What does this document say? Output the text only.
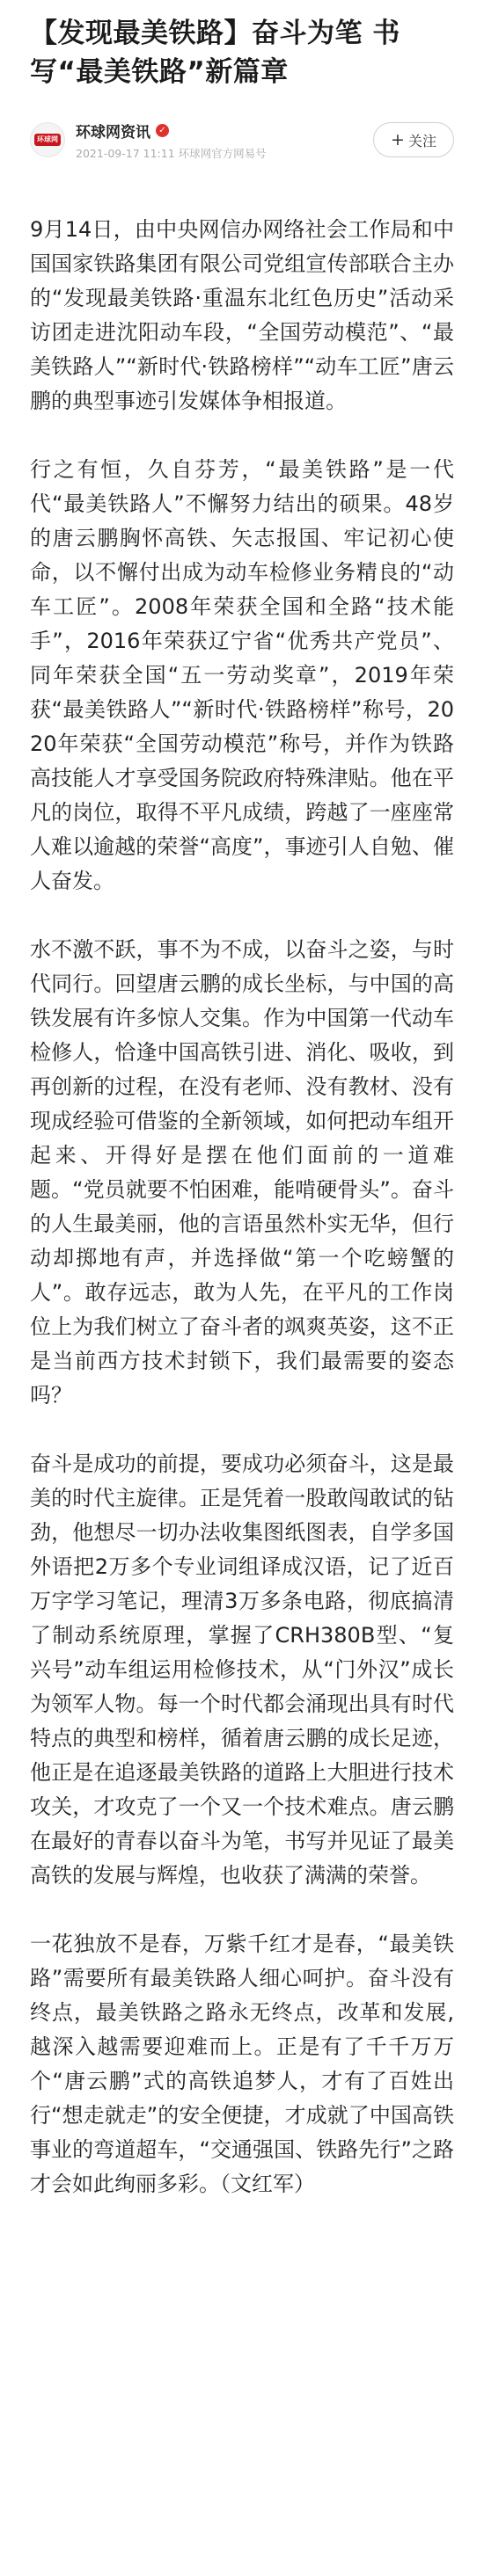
【发现最美铁路】奋斗为笔 书写“最美铁路”新篇章
环球网 环球网资讯 ✓
2021-09-17 11:11 环球网官方网易号
+ 关注

9月14日，由中央网信办网络社会工作局和中国国家铁路集团有限公司党组宣传部联合主办的“发现最美铁路·重温东北红色历史”活动采访团走进沈阳动车段，“全国劳动模范”、“最美铁路人”“新时代·铁路榜样”“动车工匠”唐云鹏的典型事迹引发媒体争相报道。

行之有恒，久自芬芳，“最美铁路”是一代代“最美铁路人”不懈努力结出的硕果。48岁的唐云鹏胸怀高铁、矢志报国、牢记初心使命，以不懈付出成为动车检修业务精良的“动车工匠”。2008年荣获全国和全路“技术能手”，2016年荣获辽宁省“优秀共产党员”、同年荣获全国“五一劳动奖章”，2019年荣获“最美铁路人”“新时代·铁路榜样”称号，2020年荣获“全国劳动模范”称号，并作为铁路高技能人才享受国务院政府特殊津贴。他在平凡的岗位，取得不平凡成绩，跨越了一座座常人难以逾越的荣誉“高度”，事迹引人自勉、催人奋发。

水不激不跃，事不为不成，以奋斗之姿，与时代同行。回望唐云鹏的成长坐标，与中国的高铁发展有许多惊人交集。作为中国第一代动车检修人，恰逢中国高铁引进、消化、吸收，到再创新的过程，在没有老师、没有教材、没有现成经验可借鉴的全新领域，如何把动车组开起来、开得好是摆在他们面前的一道难题。“党员就要不怕困难，能啃硬骨头”。奋斗的人生最美丽，他的言语虽然朴实无华，但行动却掷地有声，并选择做“第一个吃螃蟹的人”。敢存远志，敢为人先，在平凡的工作岗位上为我们树立了奋斗者的飒爽英姿，这不正是当前西方技术封锁下，我们最需要的姿态吗？

奋斗是成功的前提，要成功必须奋斗，这是最美的时代主旋律。正是凭着一股敢闯敢试的钻劲，他想尽一切办法收集图纸图表，自学多国外语把2万多个专业词组译成汉语，记了近百万字学习笔记，理清3万多条电路，彻底搞清了制动系统原理，掌握了CRH380B型、“复兴号”动车组运用检修技术，从“门外汉”成长为领军人物。每一个时代都会涌现出具有时代特点的典型和榜样，循着唐云鹏的成长足迹，他正是在追逐最美铁路的道路上大胆进行技术攻关，才攻克了一个又一个技术难点。唐云鹏在最好的青春以奋斗为笔，书写并见证了最美高铁的发展与辉煌，也收获了满满的荣誉。

一花独放不是春，万紫千红才是春，“最美铁路”需要所有最美铁路人细心呵护。奋斗没有终点，最美铁路之路永无终点，改革和发展,越深入越需要迎难而上。正是有了千千万万个“唐云鹏”式的高铁追梦人，才有了百姓出行“想走就走”的安全便捷，才成就了中国高铁事业的弯道超车，“交通强国、铁路先行”之路才会如此绚丽多彩。（文红军）
